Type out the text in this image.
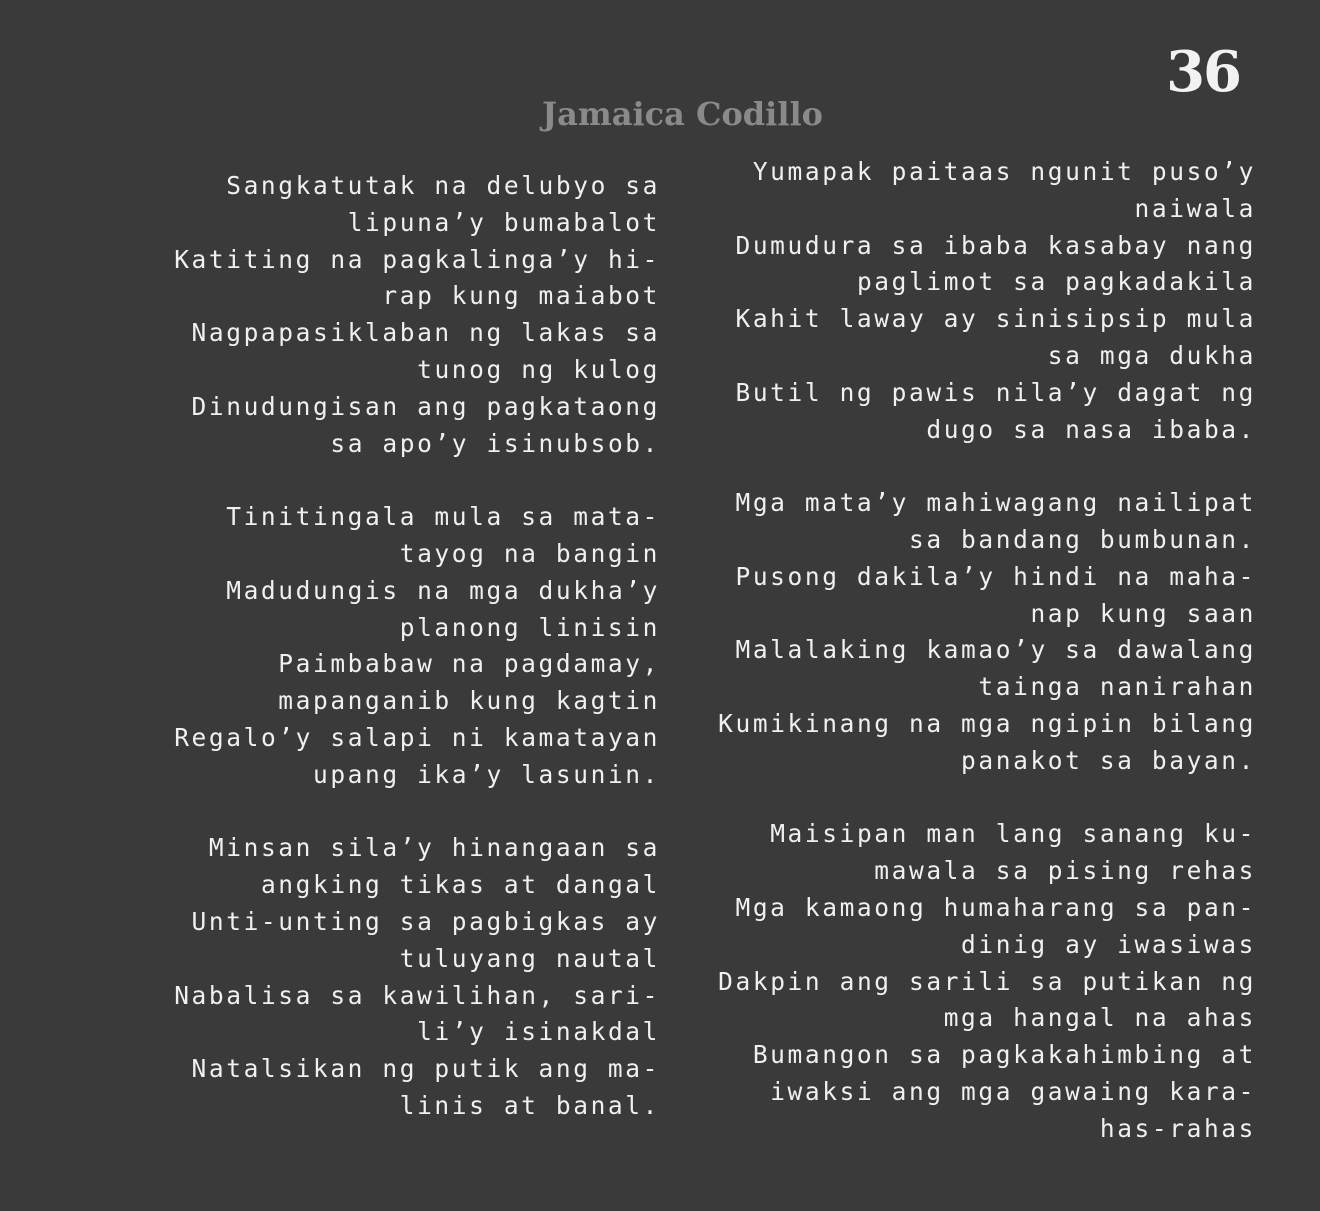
36
Jamaica Codillo
Sangkatutak na delubyo sa
lipuna’y bumabalot
Katiting na pagkalinga’y hi-
rap kung maiabot
Nagpapasiklaban ng lakas sa
tunog ng kulog
Dinudungisan ang pagkataong
sa apo’y isinubsob.
Tinitingala mula sa mata-
tayog na bangin
Madudungis na mga dukha’y
planong linisin
Paimbabaw na pagdamay,
mapanganib kung kagtin
Regalo’y salapi ni kamatayan
upang ika’y lasunin.
Minsan sila’y hinangaan sa
angking tikas at dangal
Unti-unting sa pagbigkas ay
tuluyang nautal
Nabalisa sa kawilihan, sari-
li’y isinakdal
Natalsikan ng putik ang ma-
linis at banal.
Yumapak paitaas ngunit puso’y
naiwala
Dumudura sa ibaba kasabay nang
paglimot sa pagkadakila
Kahit laway ay sinisipsip mula
sa mga dukha
Butil ng pawis nila’y dagat ng
dugo sa nasa ibaba.
Mga mata’y mahiwagang nailipat
sa bandang bumbunan.
Pusong dakila’y hindi na maha-
nap kung saan
Malalaking kamao’y sa dawalang
tainga nanirahan
Kumikinang na mga ngipin bilang
panakot sa bayan.
Maisipan man lang sanang ku-
mawala sa pising rehas
Mga kamaong humaharang sa pan-
dinig ay iwasiwas
Dakpin ang sarili sa putikan ng
mga hangal na ahas
Bumangon sa pagkakahimbing at
iwaksi ang mga gawaing kara-
has-rahas
